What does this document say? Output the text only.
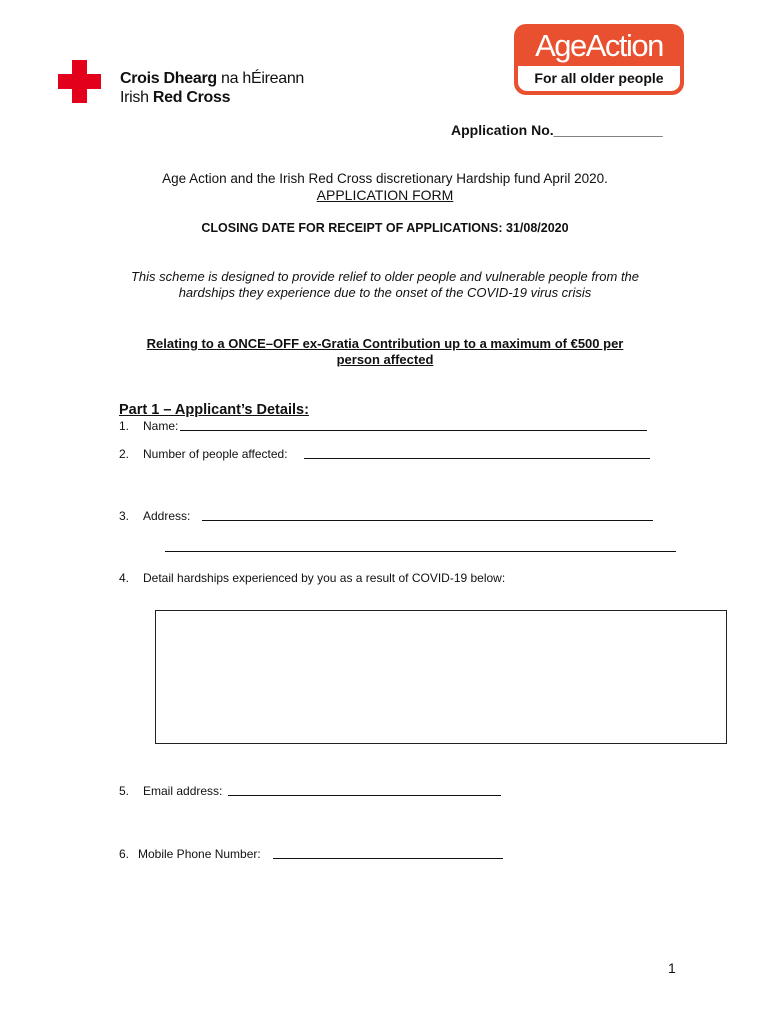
Crois Dhearg na hÉireann
Irish Red Cross
AgeAction
For all older people
Application No.______________
Age Action and the Irish Red Cross discretionary Hardship fund April 2020.
APPLICATION FORM
CLOSING DATE FOR RECEIPT OF APPLICATIONS: 31/08/2020
This scheme is designed to provide relief to older people and vulnerable people from the
hardships they experience due to the onset of the COVID-19 virus crisis
Relating to a ONCE–OFF ex-Gratia Contribution up to a maximum of €500 per
person affected
Part 1 – Applicant’s Details:
1. Name:
2. Number of people affected:
3. Address:
4. Detail hardships experienced by you as a result of COVID-19 below:
5. Email address:
6. Mobile Phone Number:
1
